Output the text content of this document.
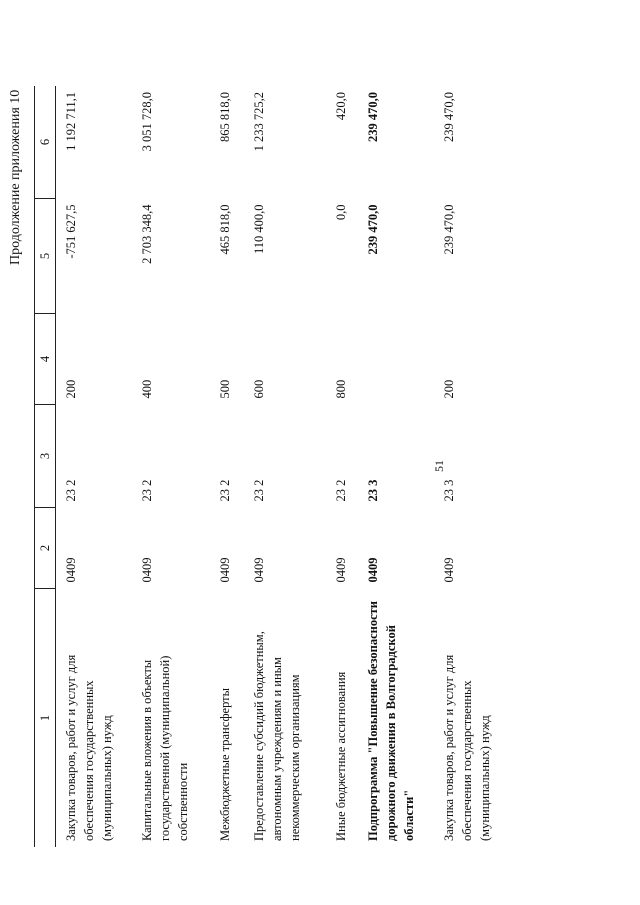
51
Продолжение приложения 10
1	2	3	4	5	6
Закупка товаров, работ и услуг для обеспечения государственных (муниципальных) нужд	0409	23 2	200	-751 627,5	1 192 711,1
Капитальные вложения в объекты государственной (муниципальной) собственности	0409	23 2	400	2 703 348,4	3 051 728,0
Межбюджетные трансферты	0409	23 2	500	465 818,0	865 818,0
Предоставление субсидий бюджетным, автономным учреждениям и иным некоммерческим организациям	0409	23 2	600	110 400,0	1 233 725,2
Иные бюджетные ассигнования	0409	23 2	800	0,0	420,0
Подпрограмма "Повышение безопасности дорожного движения в Волгоградской области"	0409	23 3		239 470,0	239 470,0
Закупка товаров, работ и услуг для обеспечения государственных (муниципальных) нужд	0409	23 3	200	239 470,0	239 470,0
